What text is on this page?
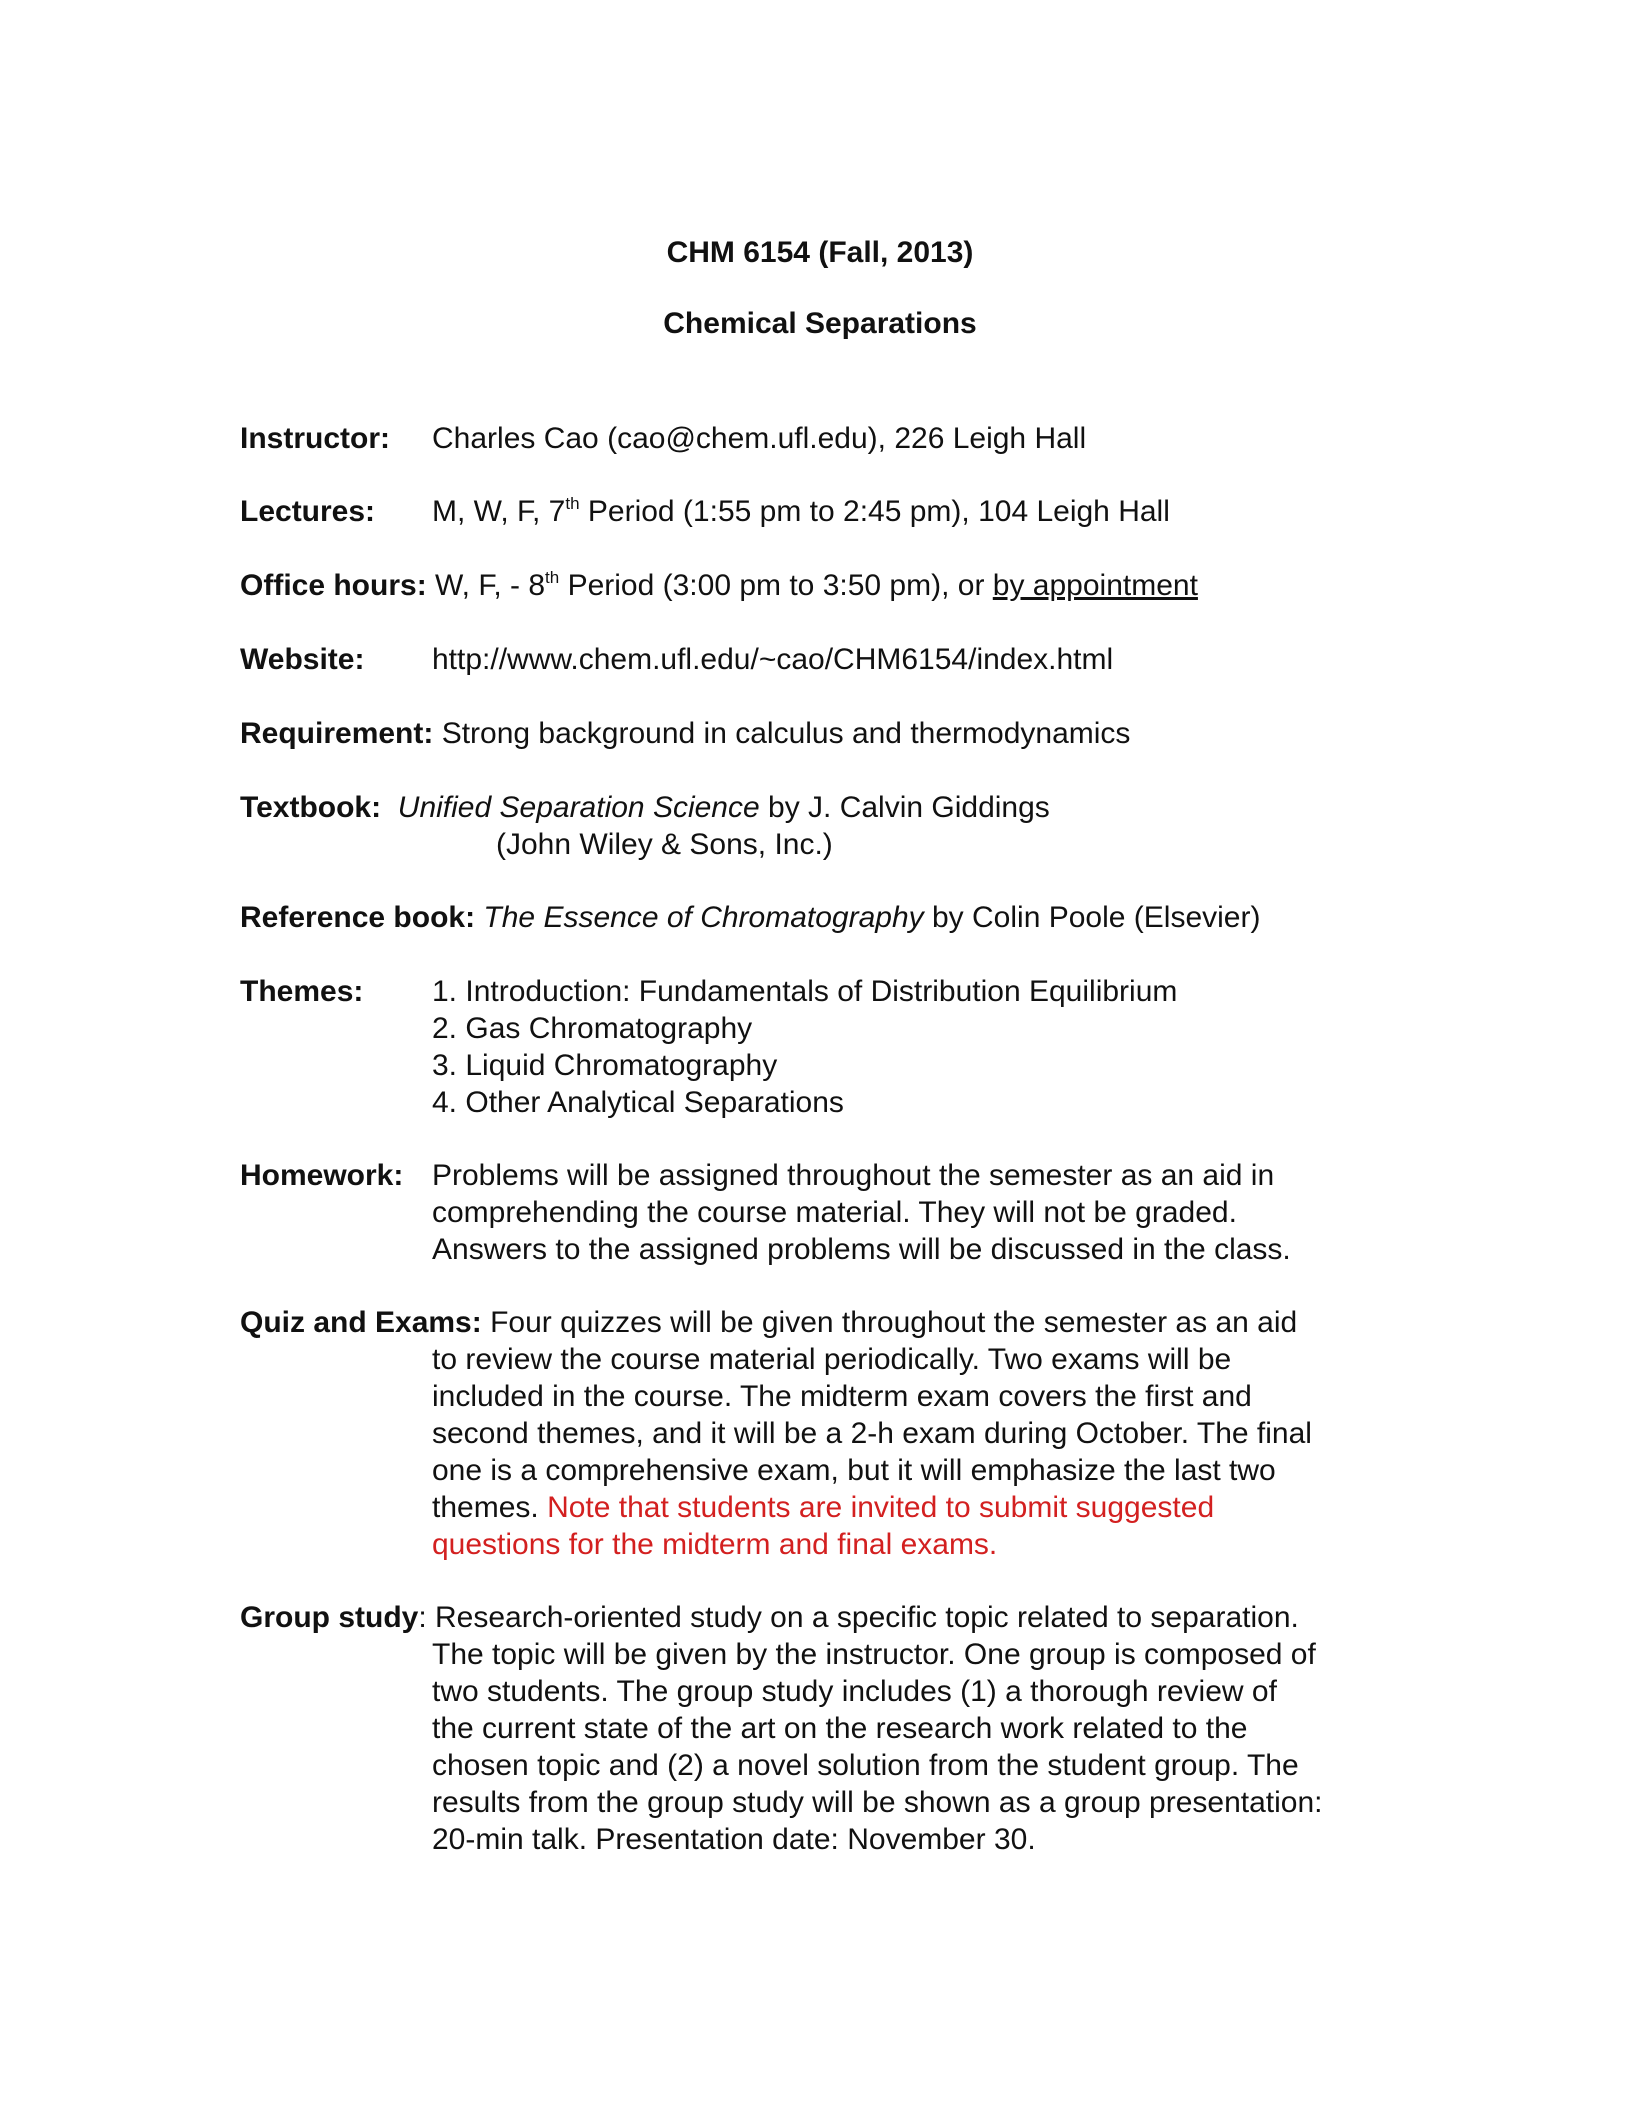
CHM 6154 (Fall, 2013)
Chemical Separations
Instructor: Charles Cao (cao@chem.ufl.edu), 226 Leigh Hall
Lectures: M, W, F, 7th Period (1:55 pm to 2:45 pm), 104 Leigh Hall
Office hours: W, F, - 8th Period (3:00 pm to 3:50 pm), or by appointment
Website: http://www.chem.ufl.edu/~cao/CHM6154/index.html
Requirement: Strong background in calculus and thermodynamics
Textbook: Unified Separation Science by J. Calvin Giddings
(John Wiley & Sons, Inc.)
Reference book: The Essence of Chromatography by Colin Poole (Elsevier)
Themes: 1. Introduction: Fundamentals of Distribution Equilibrium
2. Gas Chromatography
3. Liquid Chromatography
4. Other Analytical Separations
Homework: Problems will be assigned throughout the semester as an aid in
comprehending the course material. They will not be graded.
Answers to the assigned problems will be discussed in the class.
Quiz and Exams: Four quizzes will be given throughout the semester as an aid
to review the course material periodically. Two exams will be
included in the course. The midterm exam covers the first and
second themes, and it will be a 2-h exam during October. The final
one is a comprehensive exam, but it will emphasize the last two
themes. Note that students are invited to submit suggested
questions for the midterm and final exams.
Group study: Research-oriented study on a specific topic related to separation.
The topic will be given by the instructor. One group is composed of
two students. The group study includes (1) a thorough review of
the current state of the art on the research work related to the
chosen topic and (2) a novel solution from the student group. The
results from the group study will be shown as a group presentation:
20-min talk. Presentation date: November 30.
